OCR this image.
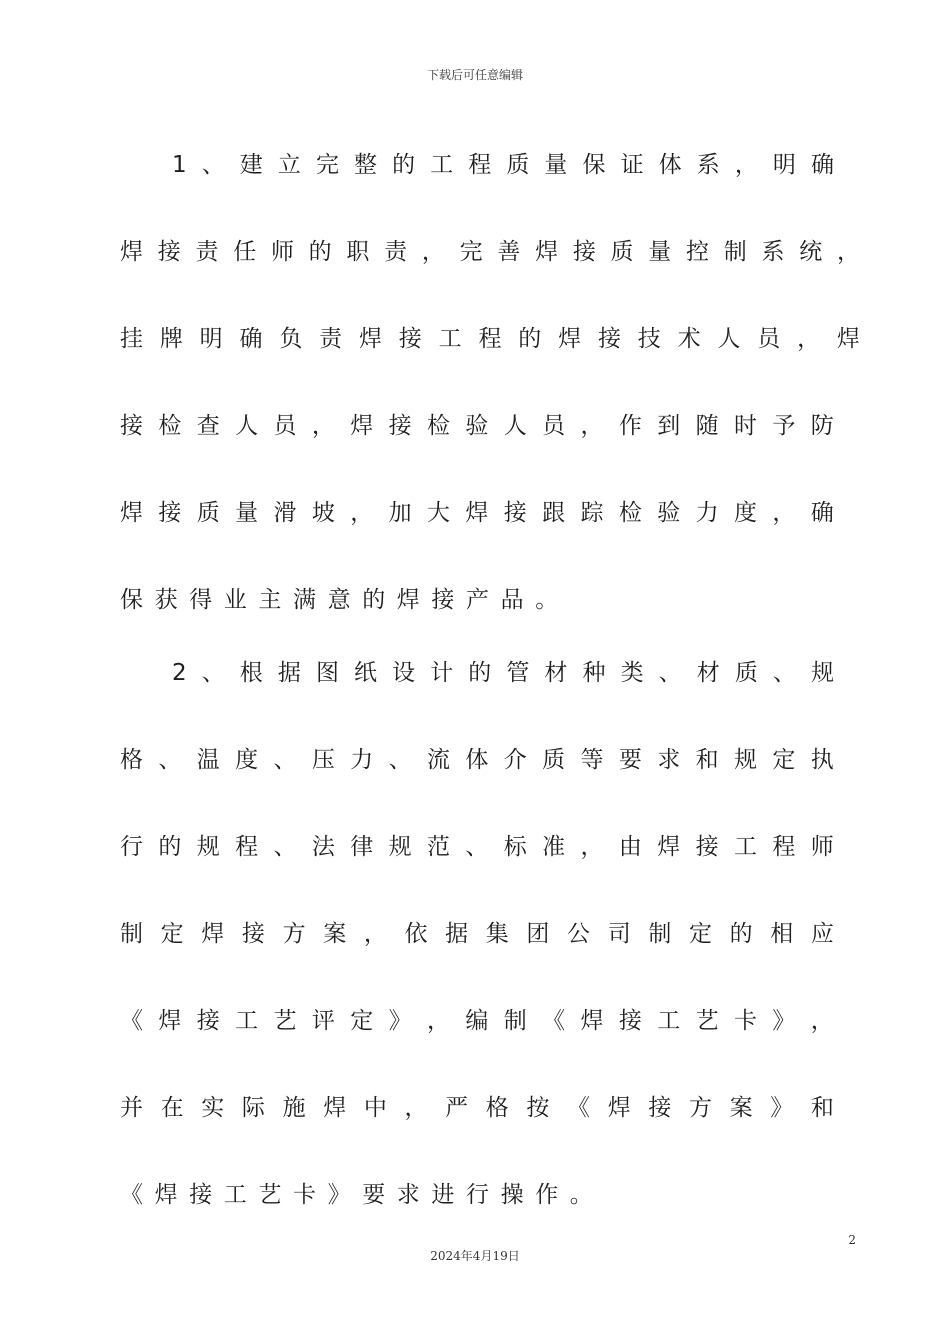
下载后可任意编辑
1 、 建 立 完 整 的 工 程 质 量 保 证 体 系 ， 明 确
焊 接 责 任 师 的 职 责 ， 完 善 焊 接 质 量 控 制 系 统 ，
挂 牌 明 确 负 责 焊 接 工 程 的 焊 接 技 术 人 员 ， 焊
接 检 查 人 员 ， 焊 接 检 验 人 员 ， 作 到 随 时 予 防
焊 接 质 量 滑 坡 ， 加 大 焊 接 跟 踪 检 验 力 度 ， 确
保获得业主满意的焊接产品。
2 、 根 据 图 纸 设 计 的 管 材 种 类 、 材 质 、 规
格 、 温 度 、 压 力 、 流 体 介 质 等 要 求 和 规 定 执
行 的 规 程 、 法 律 规 范 、 标 准 ， 由 焊 接 工 程 师
制 定 焊 接 方 案 ， 依 据 集 团 公 司 制 定 的 相 应
《 焊 接 工 艺 评 定 》 ， 编 制 《 焊 接 工 艺 卡 》 ，
并 在 实 际 施 焊 中 ， 严 格 按 《 焊 接 方 案 》 和
《焊接工艺卡》要求进行操作。
2
2024年4月19日
